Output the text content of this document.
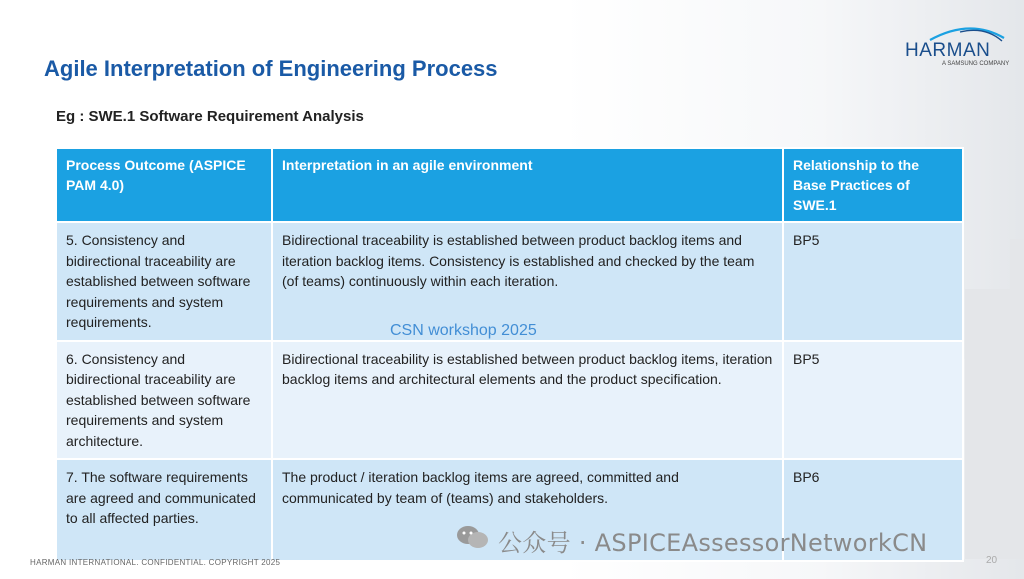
Agile Interpretation of Engineering Process
Eg : SWE.1 Software Requirement Analysis
HARMAN
A SAMSUNG COMPANY
Process Outcome (ASPICE PAM 4.0)	Interpretation in an agile environment	Relationship to the Base Practices of SWE.1
5. Consistency and bidirectional traceability are established between software requirements and system requirements.	Bidirectional traceability is established between product backlog items and iteration backlog items. Consistency is established and checked by the team (of teams) continuously within each iteration.	BP5
6. Consistency and bidirectional traceability are established between software requirements and system architecture.	Bidirectional traceability is established between product backlog items, iteration backlog items and architectural elements and the product specification.	BP5
7. The software requirements are agreed and communicated to all affected parties.	The product / iteration backlog items are agreed, committed and communicated by team of (teams) and stakeholders.	BP6
CSN workshop 2025
公众号 · ASPICEAssessorNetworkCN
HARMAN INTERNATIONAL. CONFIDENTIAL. COPYRIGHT 2025	20
